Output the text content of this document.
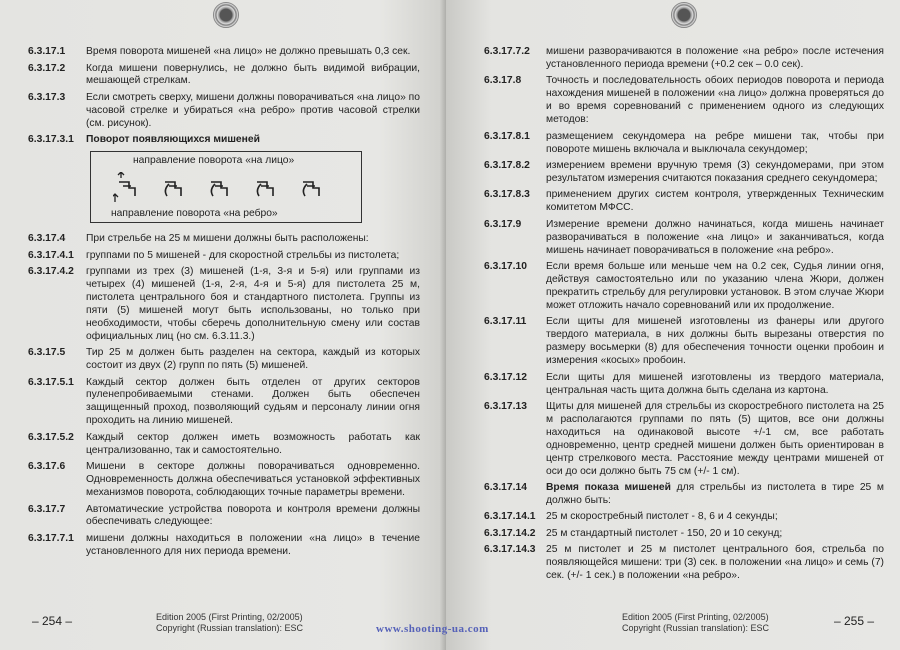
6.3.17.1	Время поворота мишеней «на лицо» не должно превышать 0,3 сек.
6.3.17.2	Когда мишени повернулись, не должно быть видимой вибрации, мешающей стрелкам.
6.3.17.3	Если смотреть сверху, мишени должны поворачиваться «на лицо» по часовой стрелке и убираться «на ребро» против часовой стрелки (см. рисунок).
6.3.17.3.1	Поворот появляющихся мишеней
направление поворота «на лицо»
направление поворота «на ребро»
6.3.17.4	При стрельбе на 25 м мишени должны быть расположены:
6.3.17.4.1	группами по 5 мишеней - для скоростной стрельбы из пистолета;
6.3.17.4.2	группами из трех (3) мишеней (1-я, 3-я и 5-я) или группами из четырех (4) мишеней (1-я, 2-я, 4-я и 5-я) для пистолета 25 м, пистолета центрального боя и стандартного пистолета. Группы из пяти (5) мишеней могут быть использованы, но только при необходимости, чтобы сберечь дополнительную смену или состав официальных лиц (но см. 6.3.11.3.)
6.3.17.5	Тир 25 м должен быть разделен на сектора, каждый из которых состоит из двух (2) групп по пять (5) мишеней.
6.3.17.5.1	Каждый сектор должен быть отделен от других секторов пуленепробиваемыми стенами. Должен быть обеспечен защищенный проход, позволяющий судьям и персоналу линии огня проходить на линию мишеней.
6.3.17.5.2	Каждый сектор должен иметь возможность работать как централизованно, так и самостоятельно.
6.3.17.6	Мишени в секторе должны поворачиваться одновременно. Одновременность должна обеспечиваться установкой эффективных механизмов поворота, соблюдающих точные параметры времени.
6.3.17.7	Автоматические устройства поворота и контроля времени должны обеспечивать следующее:
6.3.17.7.1	мишени должны находиться в положении «на лицо» в течение установленного для них периода времени.
– 254 –	Edition 2005 (First Printing, 02/2005)
Copyright (Russian translation): ESC
6.3.17.7.2	мишени разворачиваются в положение «на ребро» после истечения установленного периода времени (+0.2 сек – 0.0 сек).
6.3.17.8	Точность и последовательность обоих периодов поворота и периода нахождения мишеней в положении «на лицо» должна проверяться до и во время соревнований с применением одного из следующих методов:
6.3.17.8.1	размещением секундомера на ребре мишени так, чтобы при повороте мишень включала и выключала секундомер;
6.3.17.8.2	измерением времени вручную тремя (3) секундомерами, при этом результатом измерения считаются показания среднего секундомера;
6.3.17.8.3	применением других систем контроля, утвержденных Техническим комитетом МФСС.
6.3.17.9	Измерение времени должно начинаться, когда мишень начинает разворачиваться в положение «на лицо» и заканчиваться, когда мишень начинает поворачиваться в положение «на ребро».
6.3.17.10	Если время больше или меньше чем на 0.2 сек, Судья линии огня, действуя самостоятельно или по указанию члена Жюри, должен прекратить стрельбу для регулировки установок. В этом случае Жюри может отложить начало соревнований или их продолжение.
6.3.17.11	Если щиты для мишеней изготовлены из фанеры или другого твердого материала, в них должны быть вырезаны отверстия по размеру восьмерки (8) для обеспечения точности оценки пробоин и измерения «косых» пробоин.
6.3.17.12	Если щиты для мишеней изготовлены из твердого материала, центральная часть щита должна быть сделана из картона.
6.3.17.13	Щиты для мишеней для стрельбы из скоростребного пистолета на 25 м располагаются группами по пять (5) щитов, все они должны находиться на одинаковой высоте +/-1 см, все работать одновременно, центр средней мишени должен быть ориентирован в центр стрелкового места. Расстояние между центрами мишеней от оси до оси должно быть 75 см (+/- 1 см).
6.3.17.14	Время показа мишеней для стрельбы из пистолета в тире 25 м должно быть:
6.3.17.14.1	25 м скоростребный пистолет - 8, 6 и 4 секунды;
6.3.17.14.2	25 м стандартный пистолет - 150, 20 и 10 секунд;
6.3.17.14.3	25 м пистолет и 25 м пистолет центрального боя, стрельба по появляющейся мишени: три (3) сек. в положении «на лицо» и семь (7) сек. (+/- 1 сек.) в положении «на ребро».
– 255 –
Edition 2005 (First Printing, 02/2005)
Copyright (Russian translation): ESC
www.shooting-ua.com
